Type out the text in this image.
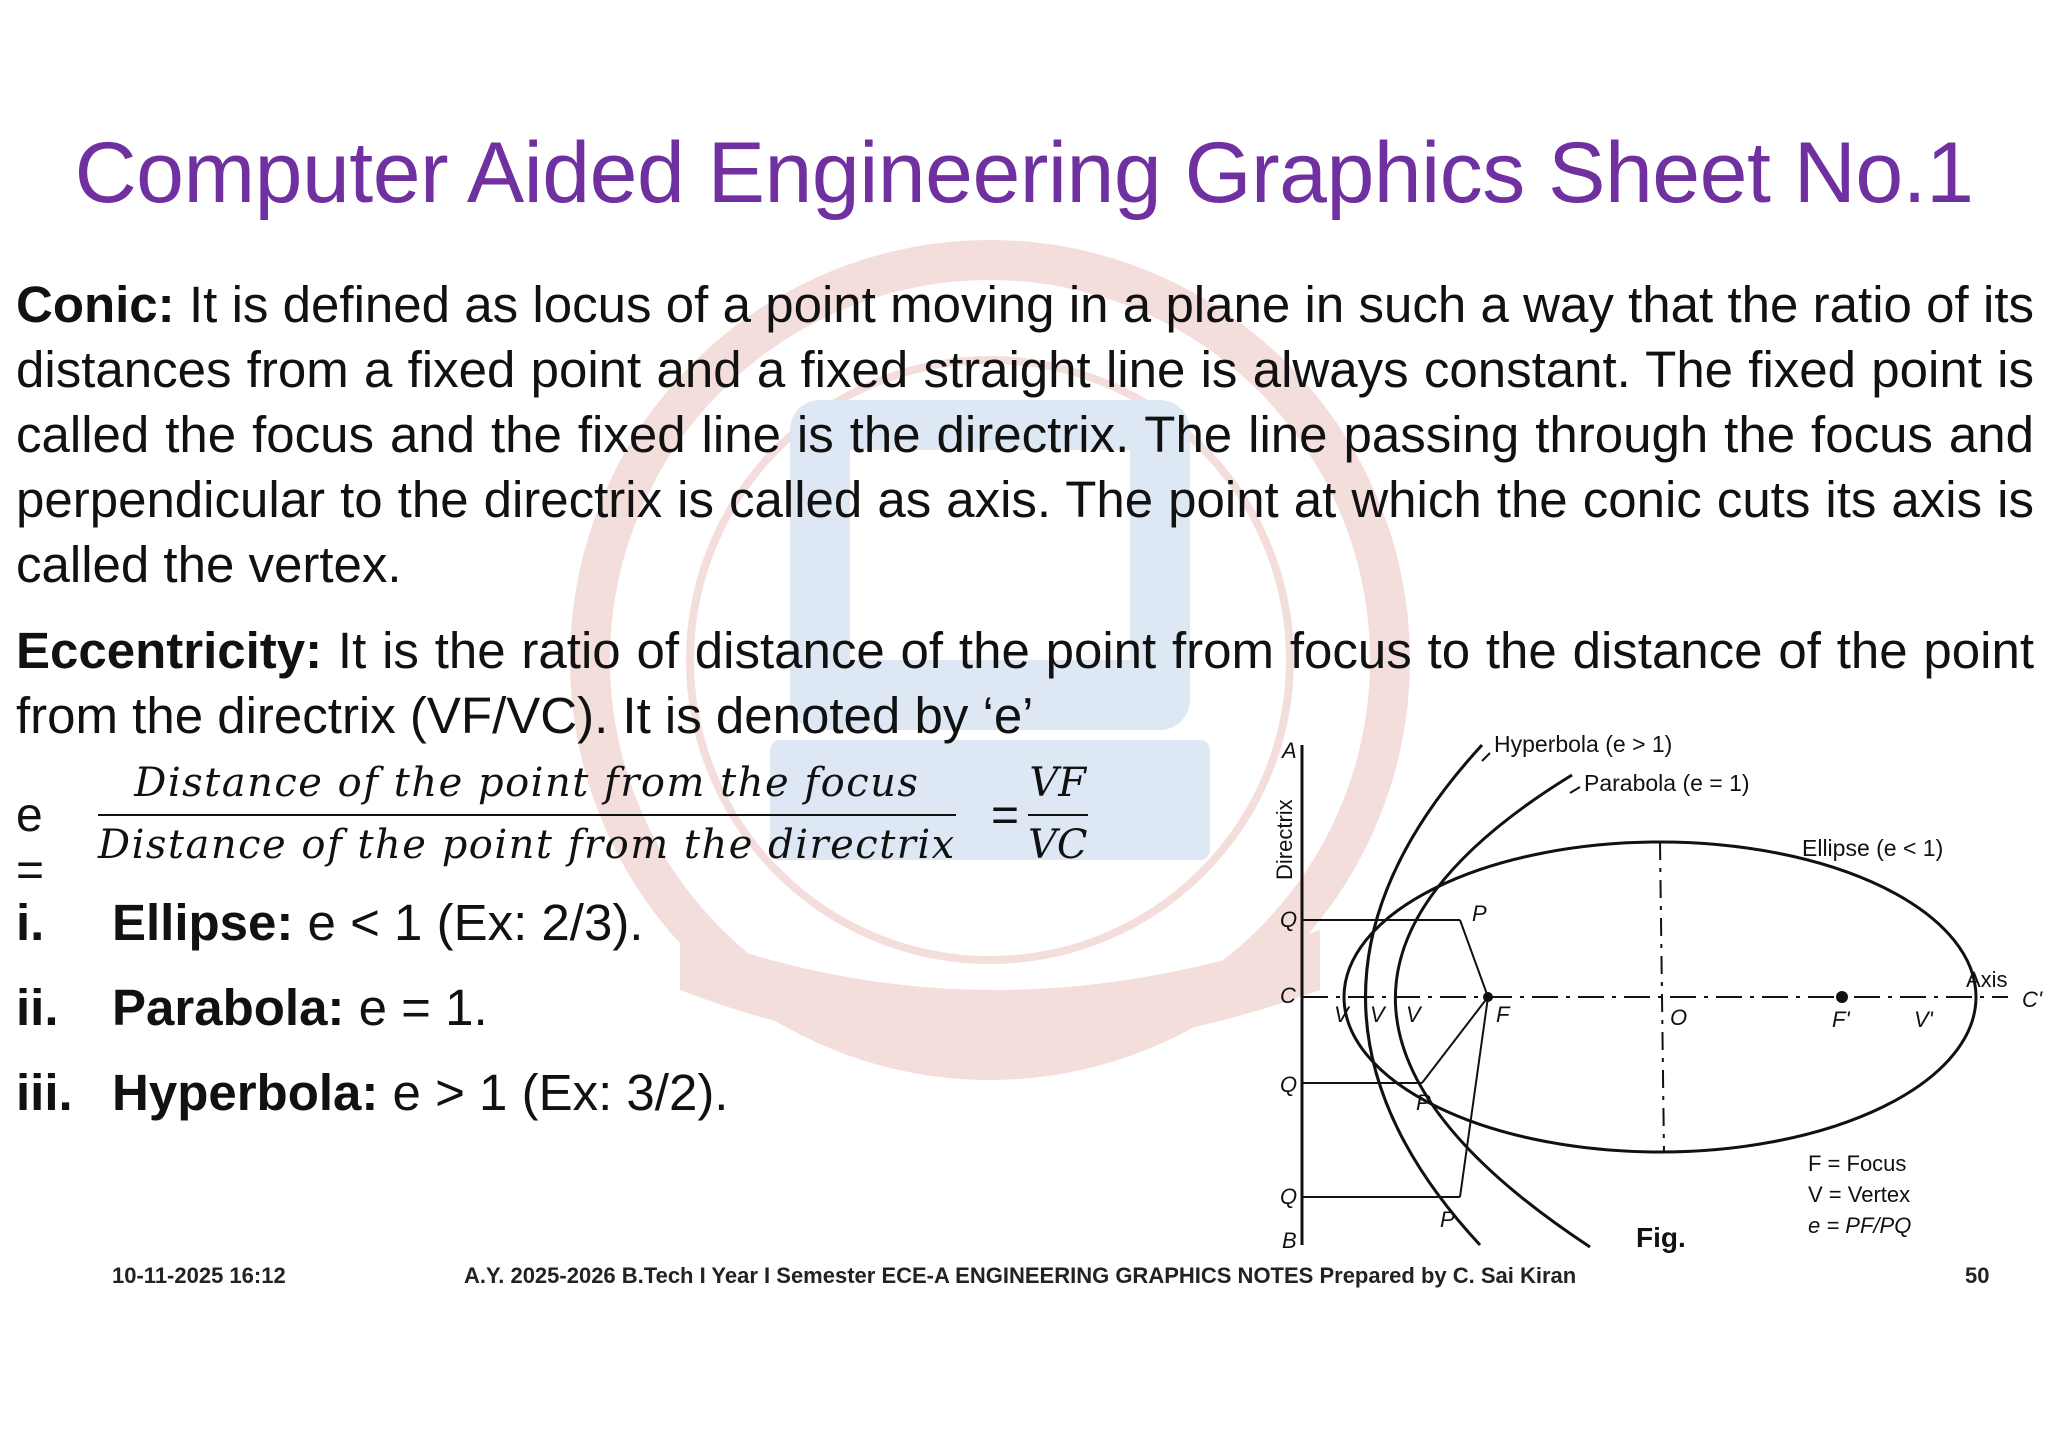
Computer Aided Engineering Graphics Sheet No.1
Conic: It is defined as locus of a point moving in a plane in such a way that the ratio of its distances from a fixed point and a fixed straight line is always constant. The fixed point is called the focus and the fixed line is the directrix. The line passing through the focus and perpendicular to the directrix is called as axis. The point at which the conic cuts its axis is called the vertex.
Eccentricity: It is the ratio of distance of the point from focus to the distance of the point from the directrix (VF/VC). It is denoted by ‘e’
e =
Distance of the point from the focus
Distance of the point from the directrix
= $\frac{VF}{VC}$
i. Ellipse: e < 1 (Ex: 2/3).
ii. Parabola: e = 1.
iii. Hyperbola: e > 1 (Ex: 3/2).
Directrix
A
B
C
Q
Q
Q
Axis
C'
P
P
P
V V V	F	O	F'	V'
Hyperbola (e > 1)
Parabola (e = 1)
Ellipse (e < 1)
F = Focus
V = Vertex
e = PF/PQ
Fig.
10-11-2025 16:12	A.Y. 2025-2026 B.Tech I Year I Semester ECE-A ENGINEERING GRAPHICS NOTES Prepared by C. Sai Kiran	50
